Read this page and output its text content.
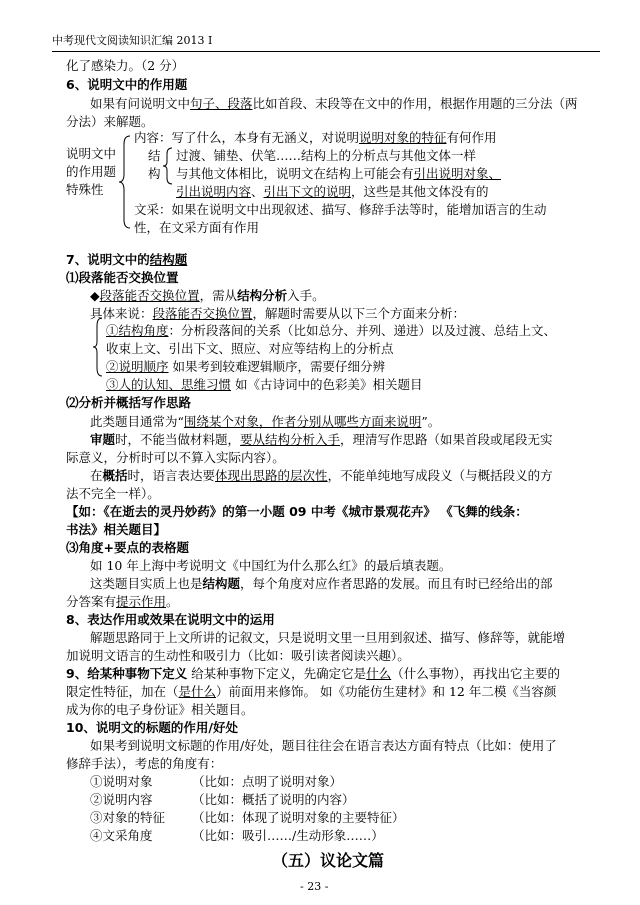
中考现代文阅读知识汇编 2013 Ⅰ
化了感染力。（2 分）
6、说明文中的作用题
如果有问说明文中句子、段落比如首段、末段等在文中的作用，根据作用题的三分法（两
分法）来解题。
说明文中
的作用题
特殊性
内容：写了什么，本身有无涵义，对说明说明对象的特征有何作用
结
构
过渡、铺垫、伏笔……结构上的分析点与其他文体一样
与其他文体相比，说明文在结构上可能会有引出说明对象、
引出说明内容、引出下文的说明，这些是其他文体没有的
文采：如果在说明文中出现叙述、描写、修辞手法等时，能增加语言的生动
性，在文采方面有作用
7、说明文中的结构题
⑴段落能否交换位置
◆段落能否交换位置，需从结构分析入手。
具体来说：段落能否交换位置，解题时需要从以下三个方面来分析：
①结构角度：分析段落间的关系（比如总分、并列、递进）以及过渡、总结上文、
收束上文、引出下文、照应、对应等结构上的分析点
②说明顺序 如果考到较难逻辑顺序，需要仔细分辨
③人的认知、思维习惯 如《古诗词中的色彩美》相关题目
⑵分析并概括写作思路
此类题目通常为“围绕某个对象，作者分别从哪些方面来说明”。
审题时，不能当做材料题，要从结构分析入手，理清写作思路（如果首段或尾段无实
际意义，分析时可以不算入实际内容）。
在概括时，语言表达要体现出思路的层次性，不能单纯地写成段义（与概括段义的方
法不完全一样）。
【如：《在逝去的灵丹妙药》的第一小题 09 中考《城市景观花卉》 《飞舞的线条：
书法》相关题目】
⑶角度+要点的表格题
如 10 年上海中考说明文《中国红为什么那么红》的最后填表题。
这类题目实质上也是结构题，每个角度对应作者思路的发展。而且有时已经给出的部
分答案有提示作用。
8、表达作用或效果在说明文中的运用
解题思路同于上文所讲的记叙文，只是说明文里一旦用到叙述、描写、修辞等，就能增
加说明文语言的生动性和吸引力（比如：吸引读者阅读兴趣）。
9、给某种事物下定义 给某种事物下定义，先确定它是什么（什么事物），再找出它主要的
限定性特征，加在（是什么）前面用来修饰。 如《功能仿生建材》和 12 年二模《当容颜
成为你的电子身份证》相关题目。
10、说明文的标题的作用/好处
如果考到说明文标题的作用/好处，题目往往会在语言表达方面有特点（比如：使用了
修辞手法），考虑的角度有：
①说明对象	（比如：点明了说明对象）
②说明内容	（比如：概括了说明的内容）
③对象的特征 （比如：体现了说明对象的主要特征）
④文采角度	（比如：吸引……/生动形象……）
（五）议论文篇
- 23 -
